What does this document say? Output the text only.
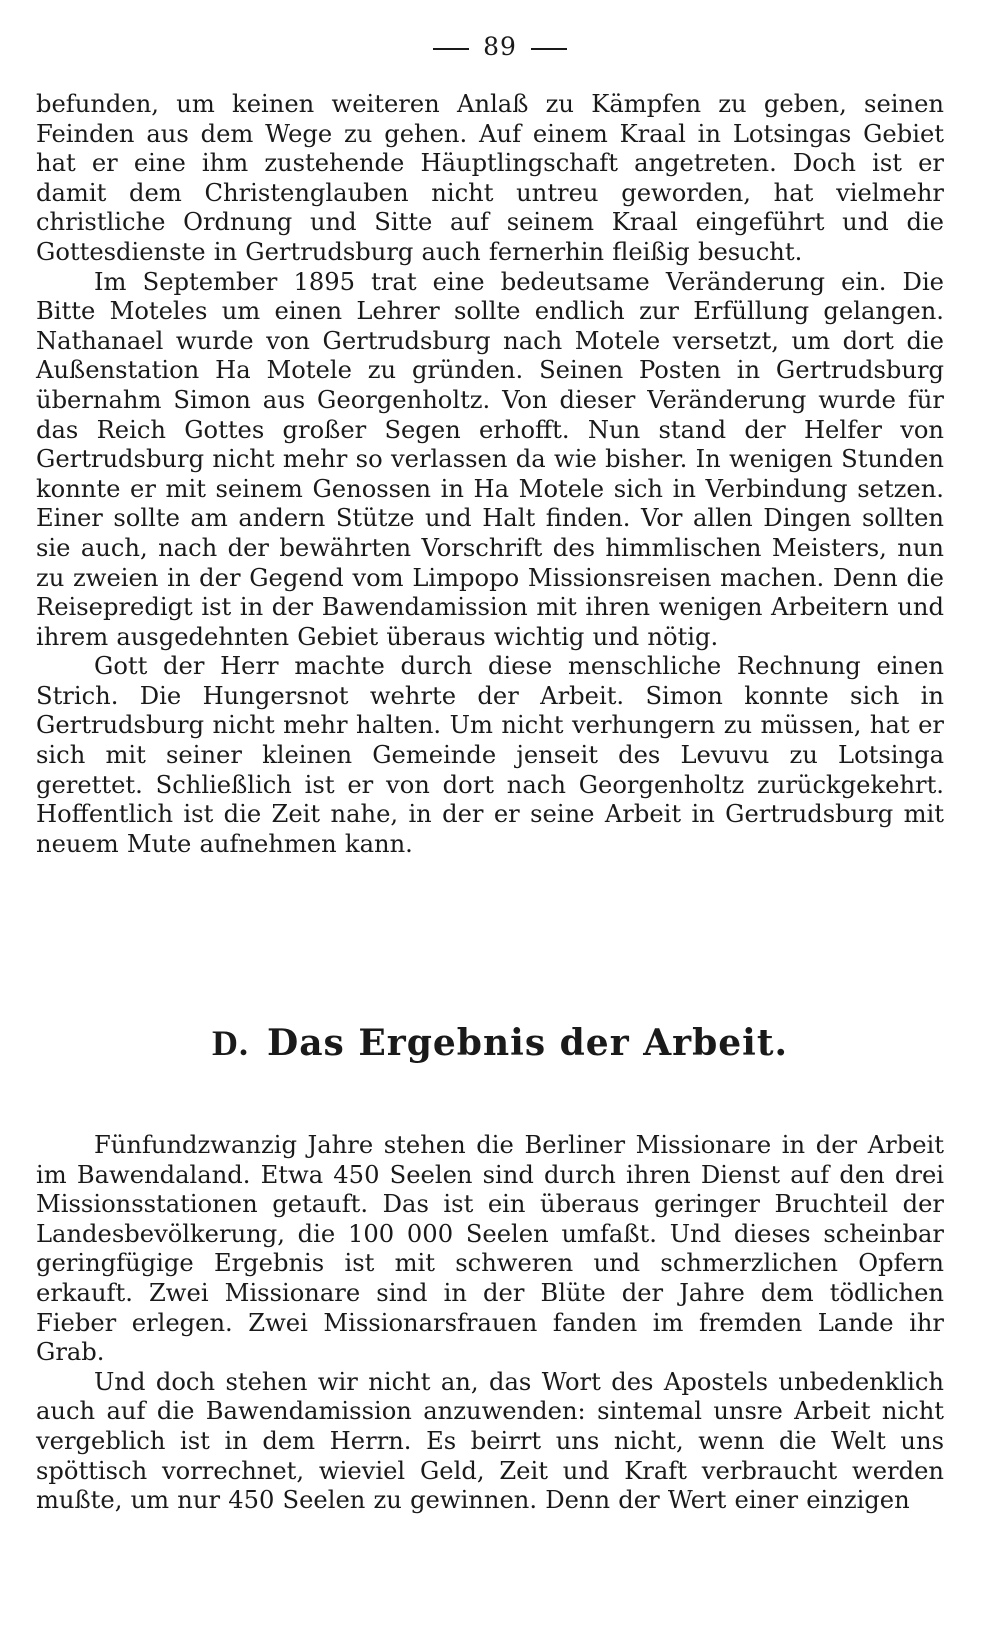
89

befunden, um keinen weiteren Anlaß zu Kämpfen zu geben, seinen Feinden aus dem Wege zu gehen. Auf einem Kraal in Lotsingas Gebiet hat er eine ihm zustehende Häuptlingschaft angetreten. Doch ist er damit dem Christenglauben nicht untreu geworden, hat vielmehr christliche Ordnung und Sitte auf seinem Kraal eingeführt und die Gottesdienste in Gertrudsburg auch fernerhin fleißig besucht.

Im September 1895 trat eine bedeutsame Veränderung ein. Die Bitte Moteles um einen Lehrer sollte endlich zur Erfüllung gelangen. Nathanael wurde von Gertrudsburg nach Motele versetzt, um dort die Außenstation Ha Motele zu gründen. Seinen Posten in Gertrudsburg übernahm Simon aus Georgenholtz. Von dieser Veränderung wurde für das Reich Gottes großer Segen erhofft. Nun stand der Helfer von Gertrudsburg nicht mehr so verlassen da wie bisher. In wenigen Stunden konnte er mit seinem Genossen in Ha Motele sich in Verbindung setzen. Einer sollte am andern Stütze und Halt finden. Vor allen Dingen sollten sie auch, nach der bewährten Vorschrift des himmlischen Meisters, nun zu zweien in der Gegend vom Limpopo Missionsreisen machen. Denn die Reisepredigt ist in der Bawendamission mit ihren wenigen Arbeitern und ihrem ausgedehnten Gebiet überaus wichtig und nötig.

Gott der Herr machte durch diese menschliche Rechnung einen Strich. Die Hungersnot wehrte der Arbeit. Simon konnte sich in Gertrudsburg nicht mehr halten. Um nicht verhungern zu müssen, hat er sich mit seiner kleinen Gemeinde jenseit des Levuvu zu Lotsinga gerettet. Schließlich ist er von dort nach Georgenholtz zurückgekehrt. Hoffentlich ist die Zeit nahe, in der er seine Arbeit in Gertrudsburg mit neuem Mute aufnehmen kann.

D. Das Ergebnis der Arbeit.

Fünfundzwanzig Jahre stehen die Berliner Missionare in der Arbeit im Bawendaland. Etwa 450 Seelen sind durch ihren Dienst auf den drei Missionsstationen getauft. Das ist ein überaus geringer Bruchteil der Landesbevölkerung, die 100 000 Seelen umfaßt. Und dieses scheinbar geringfügige Ergebnis ist mit schweren und schmerzlichen Opfern erkauft. Zwei Missionare sind in der Blüte der Jahre dem tödlichen Fieber erlegen. Zwei Missionarsfrauen fanden im fremden Lande ihr Grab.

Und doch stehen wir nicht an, das Wort des Apostels unbedenklich auch auf die Bawendamission anzuwenden: sintemal unsre Arbeit nicht vergeblich ist in dem Herrn. Es beirrt uns nicht, wenn die Welt uns spöttisch vorrechnet, wieviel Geld, Zeit und Kraft verbraucht werden mußte, um nur 450 Seelen zu gewinnen. Denn der Wert einer einzigen
